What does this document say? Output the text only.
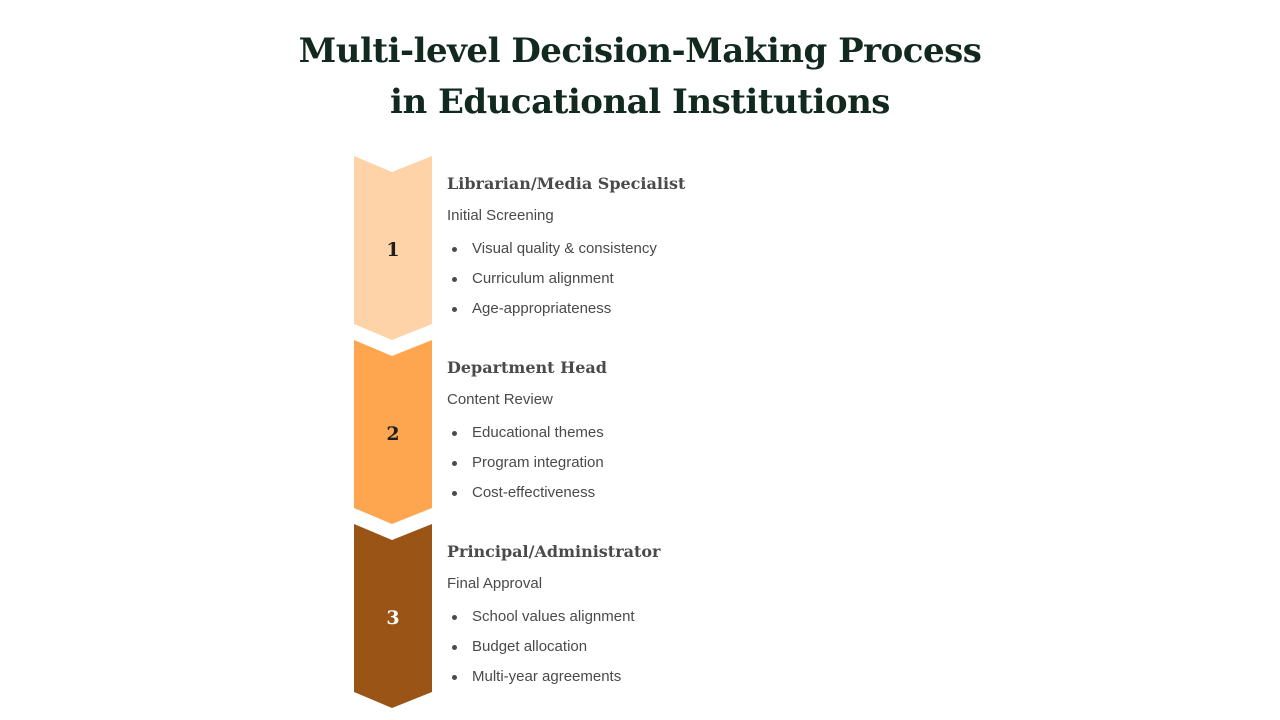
Multi-level Decision-Making Process
in Educational Institutions
1
2
3
Librarian/Media Specialist
Initial Screening
Visual quality & consistency
Curriculum alignment
Age-appropriateness
Department Head
Content Review
Educational themes
Program integration
Cost-effectiveness
Principal/Administrator
Final Approval
School values alignment
Budget allocation
Multi-year agreements
